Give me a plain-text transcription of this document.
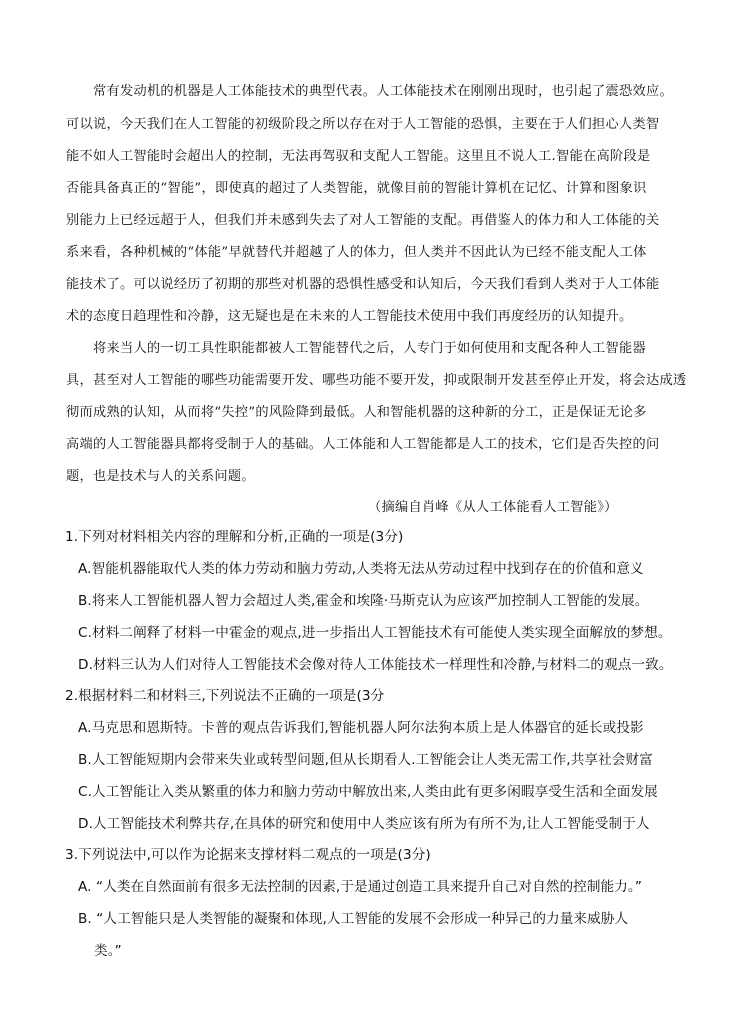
常有发动机的机器是人工体能技术的典型代表。人工体能技术在刚刚出现时，也引起了震恐效应。
可以说，今天我们在人工智能的初级阶段之所以存在对于人工智能的恐惧，主要在于人们担心人类智
能不如人工智能时会超出人的控制，无法再驾驭和支配人工智能。这里且不说人工.智能在高阶段是
否能具备真正的“智能”，即使真的超过了人类智能，就像目前的智能计算机在记忆、计算和图象识
别能力上已经远超于人，但我们并未感到失去了对人工智能的支配。再借鉴人的体力和人工体能的关
系来看，各种机械的“体能”早就替代并超越了人的体力，但人类并不因此认为已经不能支配人工体
能技术了。可以说经历了初期的那些对机器的恐惧性感受和认知后，今天我们看到人类对于人工体能
术的态度日趋理性和冷静，这无疑也是在未来的人工智能技术使用中我们再度经历的认知提升。
将来当人的一切工具性职能都被人工智能替代之后，人专门于如何使用和支配各种人工智能器
具，甚至对人工智能的哪些功能需要开发、哪些功能不要开发，抑或限制开发甚至停止开发，将会达成透
彻而成熟的认知，从而将“失控”的风险降到最低。人和智能机器的这种新的分工，正是保证无论多
高端的人工智能器具都将受制于人的基础。人工体能和人工智能都是人工的技术，它们是否失控的问
题，也是技术与人的关系问题。
（摘编自肖峰《从人工体能看人工智能》）
1.下列对材料相关内容的理解和分析,正确的一项是(3分)
A.智能机器能取代人类的体力劳动和脑力劳动,人类将无法从劳动过程中找到存在的价值和意义
B.将来人工智能机器人智力会超过人类,霍金和埃隆·马斯克认为应该严加控制人工智能的发展。
C.材料二阐释了材料一中霍金的观点,进一步指出人工智能技术有可能使人类实现全面解放的梦想。
D.材料三认为人们对待人工智能技术会像对待人工体能技术一样理性和冷静,与材料二的观点一致。
2.根据材料二和材料三,下列说法不正确的一项是(3分
A.马克思和恩斯特。卡普的观点告诉我们,智能机器人阿尔法狗本质上是人体器官的延长或投影
B.人工智能短期内会带来失业或转型问题,但从长期看人.工智能会让人类无需工作,共享社会财富
C.人工智能让入类从繁重的体力和脑力劳动中解放出来,人类由此有更多闲暇享受生活和全面发展
D.人工智能技术利弊共存,在具体的研究和使用中人类应该有所为有所不为,让人工智能受制于人
3.下列说法中,可以作为论据来支撑材料二观点的一项是(3分)
A. “人类在自然面前有很多无法控制的因素,于是通过创造工具来提升自己对自然的控制能力。”
B. “人工智能只是人类智能的凝聚和体现,人工智能的发展不会形成一种异己的力量来威胁人
类。”
